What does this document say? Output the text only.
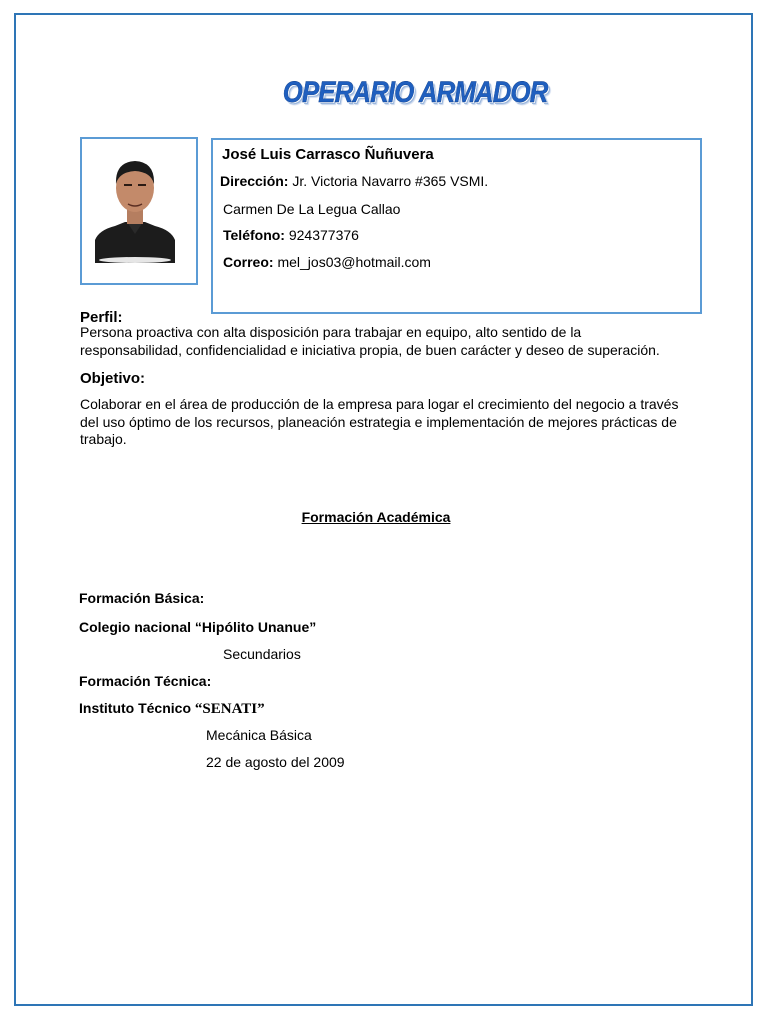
OPERARIO ARMADOR
José Luis Carrasco Ñuñuvera
Dirección: Jr. Victoria Navarro #365 VSMI.
Carmen De La Legua Callao
Teléfono: 924377376
Correo: mel_jos03@hotmail.com
Perfil:
Persona proactiva con alta disposición para trabajar en equipo, alto sentido de la
responsabilidad, confidencialidad e iniciativa propia, de buen carácter y deseo de superación.
Objetivo:
Colaborar en el área de producción de la empresa para logar el crecimiento del negocio a través
del uso óptimo de los recursos, planeación estrategia e implementación de mejores prácticas de
trabajo.
Formación Académica
Formación Básica:
Colegio nacional “Hipólito Unanue”
Secundarios
Formación Técnica:
Instituto Técnico “SENATI”
Mecánica Básica
22 de agosto del 2009
